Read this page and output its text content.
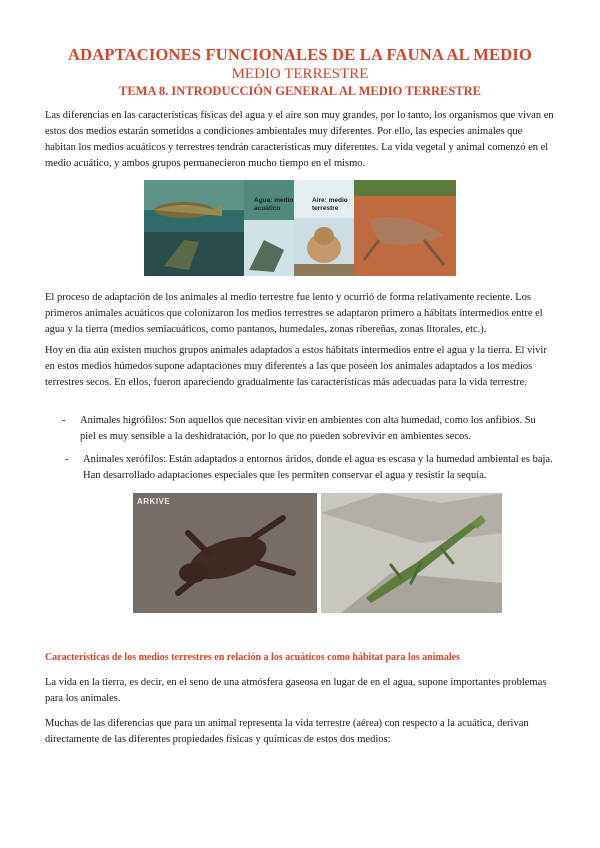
ADAPTACIONES FUNCIONALES DE LA FAUNA AL MEDIO
MEDIO TERRESTRE
TEMA 8. INTRODUCCIÓN GENERAL AL MEDIO TERRESTRE

Las diferencias en las características físicas del agua y el aire son muy grandes, por lo tanto, los organismos que vivan en estos dos medios estarán sometidos a condiciones ambientales muy diferentes. Por ello, las especies animales que habitan los medios acuáticos y terrestres tendrán características muy diferentes. La vida vegetal y animal comenzó en el medio acuático, y ambos grupos permanecieron mucho tiempo en el mismo.

Agua: medio acuático
Aire: medio terrestre

El proceso de adaptación de los animales al medio terrestre fue lento y ocurrió de forma relativamente reciente. Los primeros animales acuáticos que colonizaron los medios terrestres se adaptaron primero a hábitats intermedios entre el agua y la tierra (medios semiacuáticos, como pantanos, humedales, zonas ribereñas, zonas litorales, etc.).

Hoy en día aún existen muchos grupos animales adaptados a estos hábitats intermedios entre el agua y la tierra. El vivir en estos medios húmedos supone adaptaciones muy diferentes a las que poseen los animales adaptados a los medios terrestres secos. En ellos, fueron apareciendo gradualmente las características más adecuadas para la vida terrestre.

- Animales higrófilos: Son aquellos que necesitan vivir en ambientes con alta humedad, como los anfibios. Su piel es muy sensible a la deshidratación, por lo que no pueden sobrevivir en ambientes secos.
- Animales xerófilos: Están adaptados a entornos áridos, donde el agua es escasa y la humedad ambiental es baja. Han desarrollado adaptaciones especiales que les permiten conservar el agua y resistir la sequía.
ARKIVE

Características de los medios terrestres en relación a los acuáticos como hábitat para los animales

La vida en la tierra, es decir, en el seno de una atmósfera gaseosa en lugar de en el agua, supone importantes problemas para los animales.

Muchas de las diferencias que para un animal representa la vida terrestre (aérea) con respecto a la acuática, derivan directamente de las diferentes propiedades físicas y químicas de estos dos medios:
